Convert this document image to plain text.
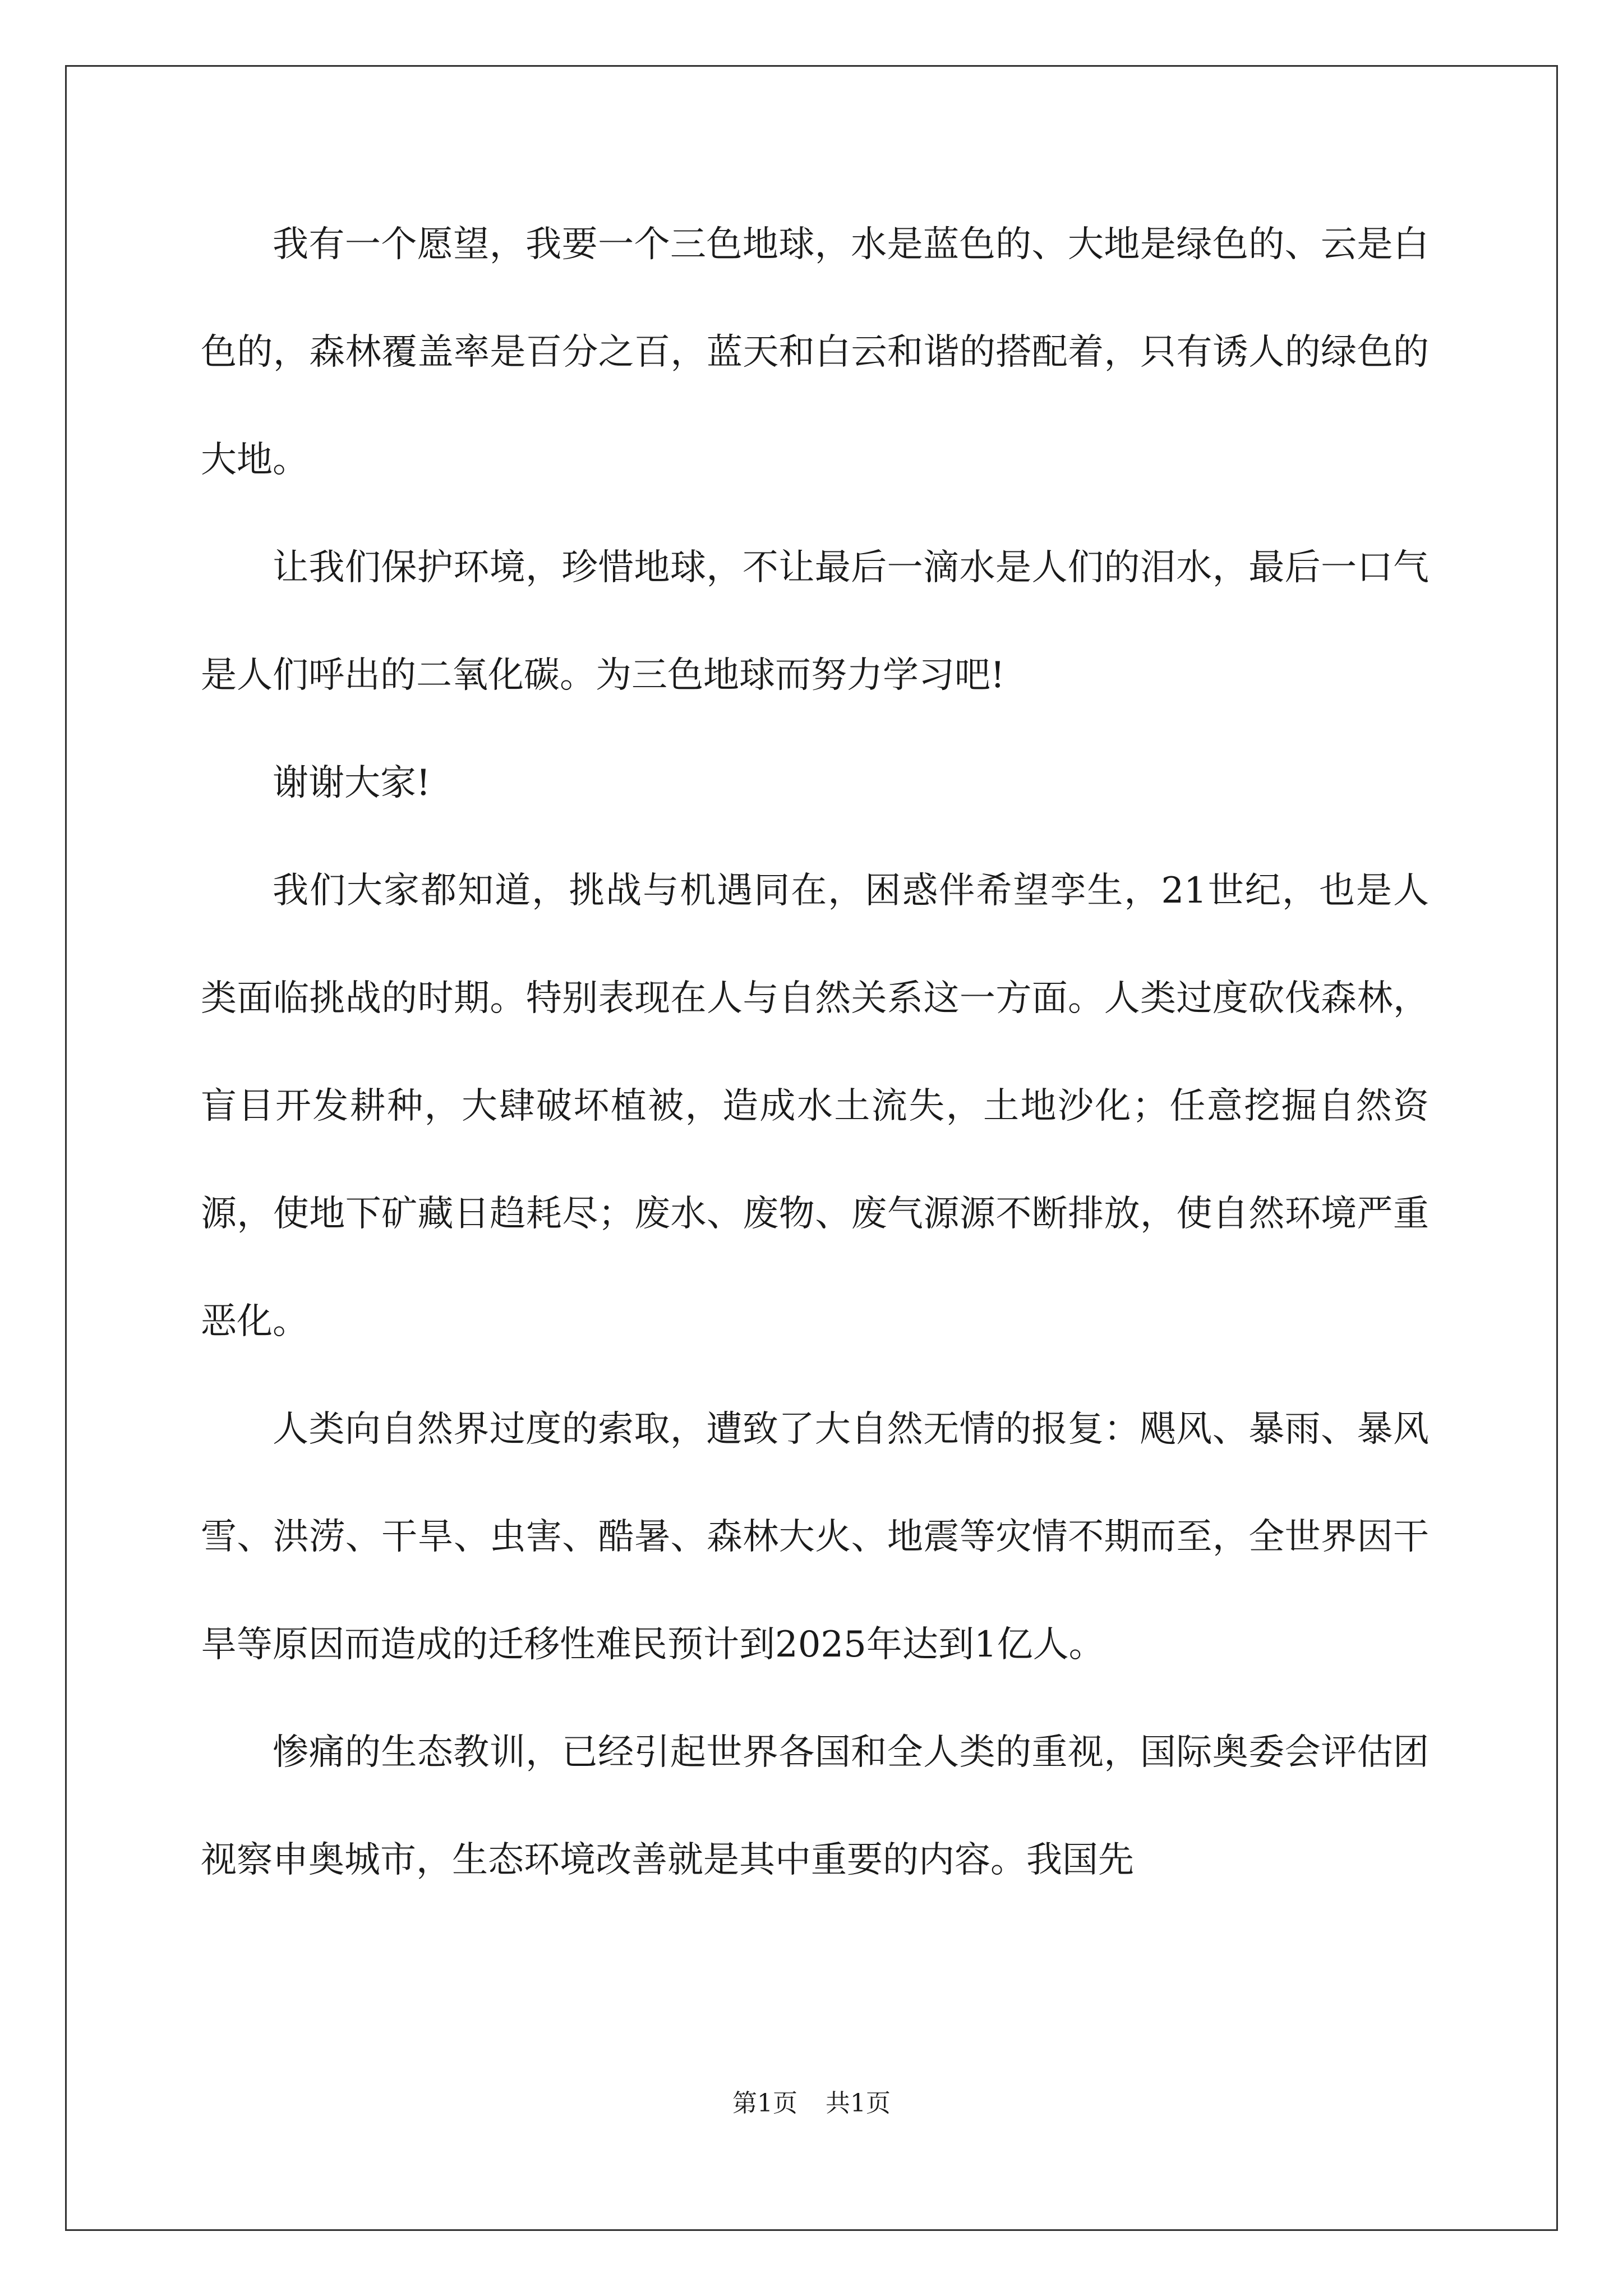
我有一个愿望，我要一个三色地球，水是蓝色的、大地是绿色的、云是白色的，森林覆盖率是百分之百，蓝天和白云和谐的搭配着，只有诱人的绿色的大地。

让我们保护环境，珍惜地球，不让最后一滴水是人们的泪水，最后一口气是人们呼出的二氧化碳。为三色地球而努力学习吧!

谢谢大家!

我们大家都知道，挑战与机遇同在，困惑伴希望孪生，21世纪，也是人类面临挑战的时期。特别表现在人与自然关系这一方面。人类过度砍伐森林，盲目开发耕种，大肆破坏植被，造成水土流失，土地沙化；任意挖掘自然资源，使地下矿藏日趋耗尽；废水、废物、废气源源不断排放，使自然环境严重恶化。

人类向自然界过度的索取，遭致了大自然无情的报复：飓风、暴雨、暴风雪、洪涝、干旱、虫害、酷暑、森林大火、地震等灾情不期而至，全世界因干旱等原因而造成的迁移性难民预计到2025年达到1亿人。

惨痛的生态教训，已经引起世界各国和全人类的重视，国际奥委会评估团视察申奥城市，生态环境改善就是其中重要的内容。我国先

第1页 共1页
